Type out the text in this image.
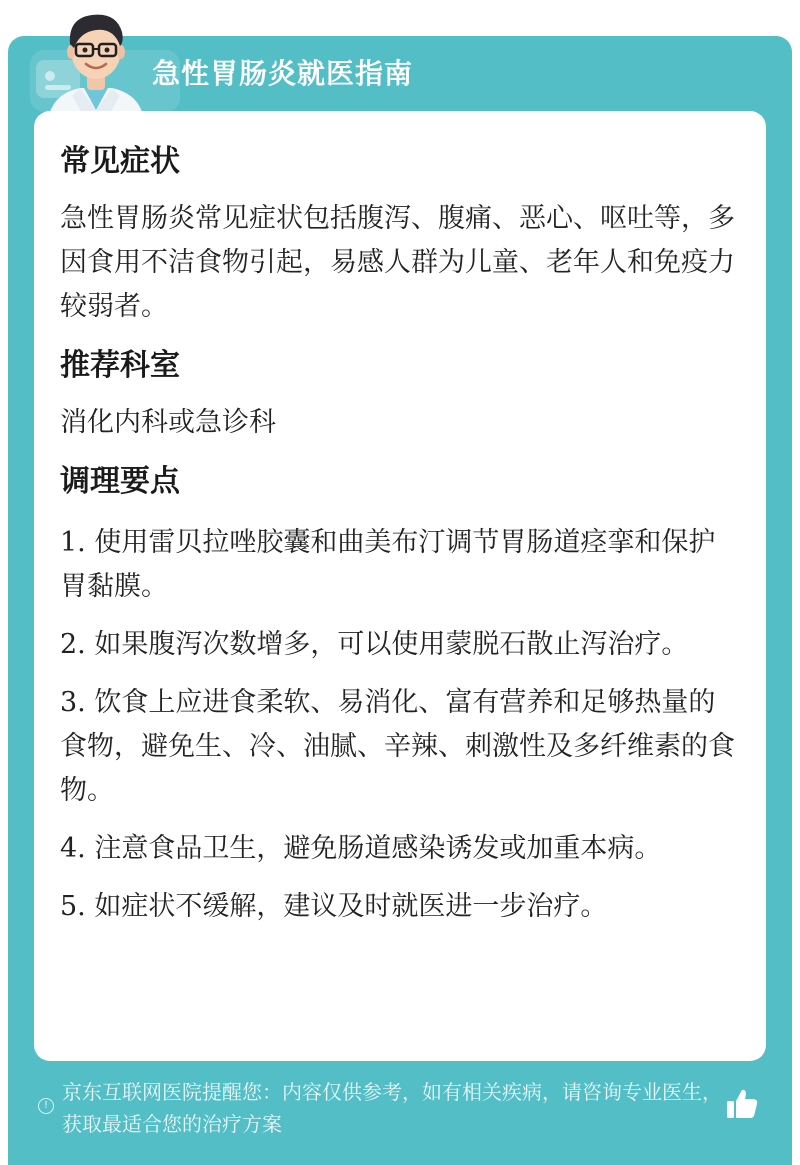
急性胃肠炎就医指南
常见症状
急性胃肠炎常见症状包括腹泻、腹痛、恶心、呕吐等，多因食用不洁食物引起，易感人群为儿童、老年人和免疫力较弱者。
推荐科室
消化内科或急诊科
调理要点
1. 使用雷贝拉唑胶囊和曲美布汀调节胃肠道痉挛和保护胃黏膜。
2. 如果腹泻次数增多，可以使用蒙脱石散止泻治疗。
3. 饮食上应进食柔软、易消化、富有营养和足够热量的食物，避免生、冷、油腻、辛辣、刺激性及多纤维素的食物。
4. 注意食品卫生，避免肠道感染诱发或加重本病。
5. 如症状不缓解，建议及时就医进一步治疗。
!
京东互联网医院提醒您：内容仅供参考，如有相关疾病，请咨询专业医生，获取最适合您的治疗方案
